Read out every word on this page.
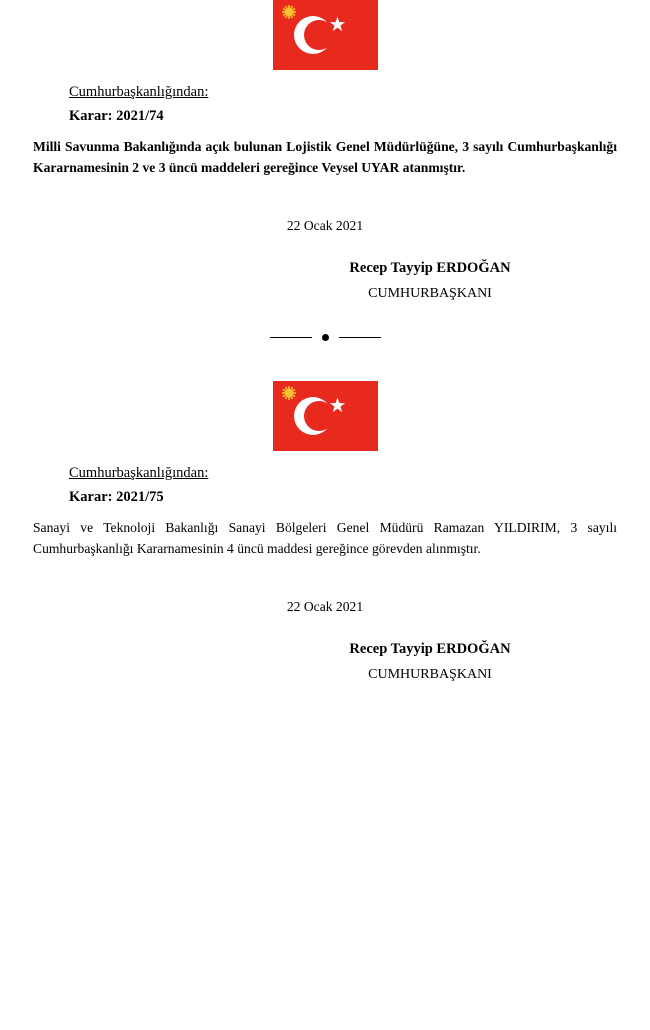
Cumhurbaşkanlığından:
Karar: 2021/74
Milli Savunma Bakanlığında açık bulunan Lojistik Genel Müdürlüğüne, 3 sayılı Cumhurbaşkanlığı Kararnamesinin 2 ve 3 üncü maddeleri gereğince Veysel UYAR atanmıştır.
22 Ocak 2021
Recep Tayyip ERDOĞAN
CUMHURBAŞKANI
Cumhurbaşkanlığından:
Karar: 2021/75
Sanayi ve Teknoloji Bakanlığı Sanayi Bölgeleri Genel Müdürü Ramazan YILDIRIM, 3 sayılı Cumhurbaşkanlığı Kararnamesinin 4 üncü maddesi gereğince görevden alınmıştır.
22 Ocak 2021
Recep Tayyip ERDOĞAN
CUMHURBAŞKANI
